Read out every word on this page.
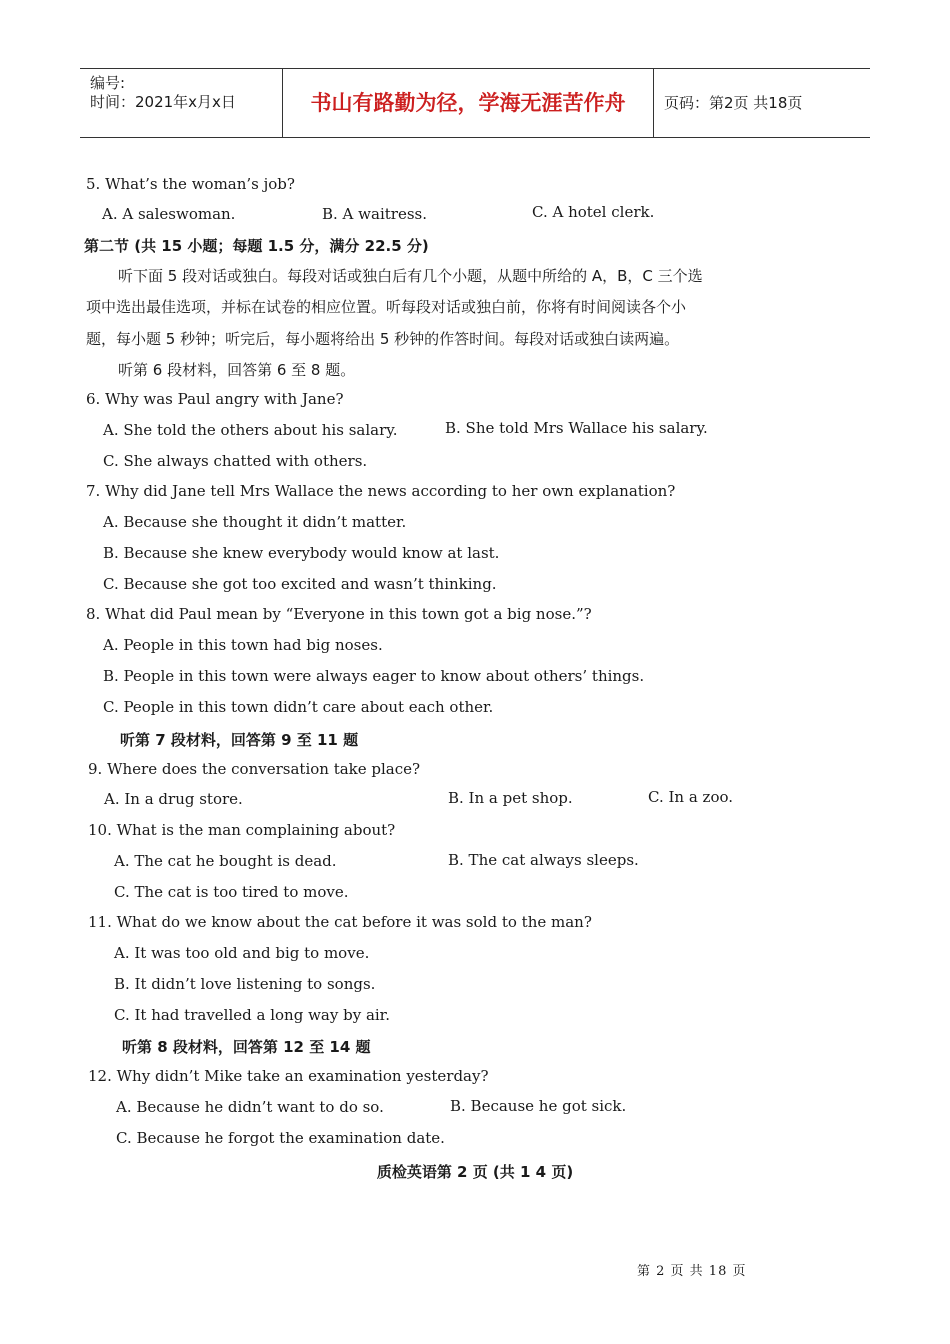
编号:
时间：2021年x月x日	书山有路勤为径，学海无涯苦作舟	页码：第2页 共18页
5. What’s the woman’s job?
A. A saleswoman.	B. A waitress.	C. A hotel clerk.
第二节 (共 15 小题；每题 1.5 分，满分 22.5 分)
听下面 5 段对话或独白。每段对话或独白后有几个小题，从题中所给的 A，B，C 三个选
项中选出最佳选项，并标在试卷的相应位置。听每段对话或独白前，你将有时间阅读各个小
题，每小题 5 秒钟；听完后，每小题将给出 5 秒钟的作答时间。每段对话或独白读两遍。
听第 6 段材料，回答第 6 至 8 题。
6. Why was Paul angry with Jane?
A. She told the others about his salary.	B. She told Mrs Wallace his salary.
C. She always chatted with others.
7. Why did Jane tell Mrs Wallace the news according to her own explanation?
A. Because she thought it didn’t matter.
B. Because she knew everybody would know at last.
C. Because she got too excited and wasn’t thinking.
8. What did Paul mean by “Everyone in this town got a big nose.”?
A. People in this town had big noses.
B. People in this town were always eager to know about others’ things.
C. People in this town didn’t care about each other.
听第 7 段材料，回答第 9 至 11 题
9. Where does the conversation take place?
A. In a drug store.	B. In a pet shop.	C. In a zoo.
10. What is the man complaining about?
A. The cat he bought is dead.	B. The cat always sleeps.
C. The cat is too tired to move.
11. What do we know about the cat before it was sold to the man?
A. It was too old and big to move.
B. It didn’t love listening to songs.
C. It had travelled a long way by air.
听第 8 段材料，回答第 12 至 14 题
12. Why didn’t Mike take an examination yesterday?
A. Because he didn’t want to do so.	B. Because he got sick.
C. Because he forgot the examination date.
质检英语第 2 页 (共 1 4 页)
第 2 页 共 18 页
